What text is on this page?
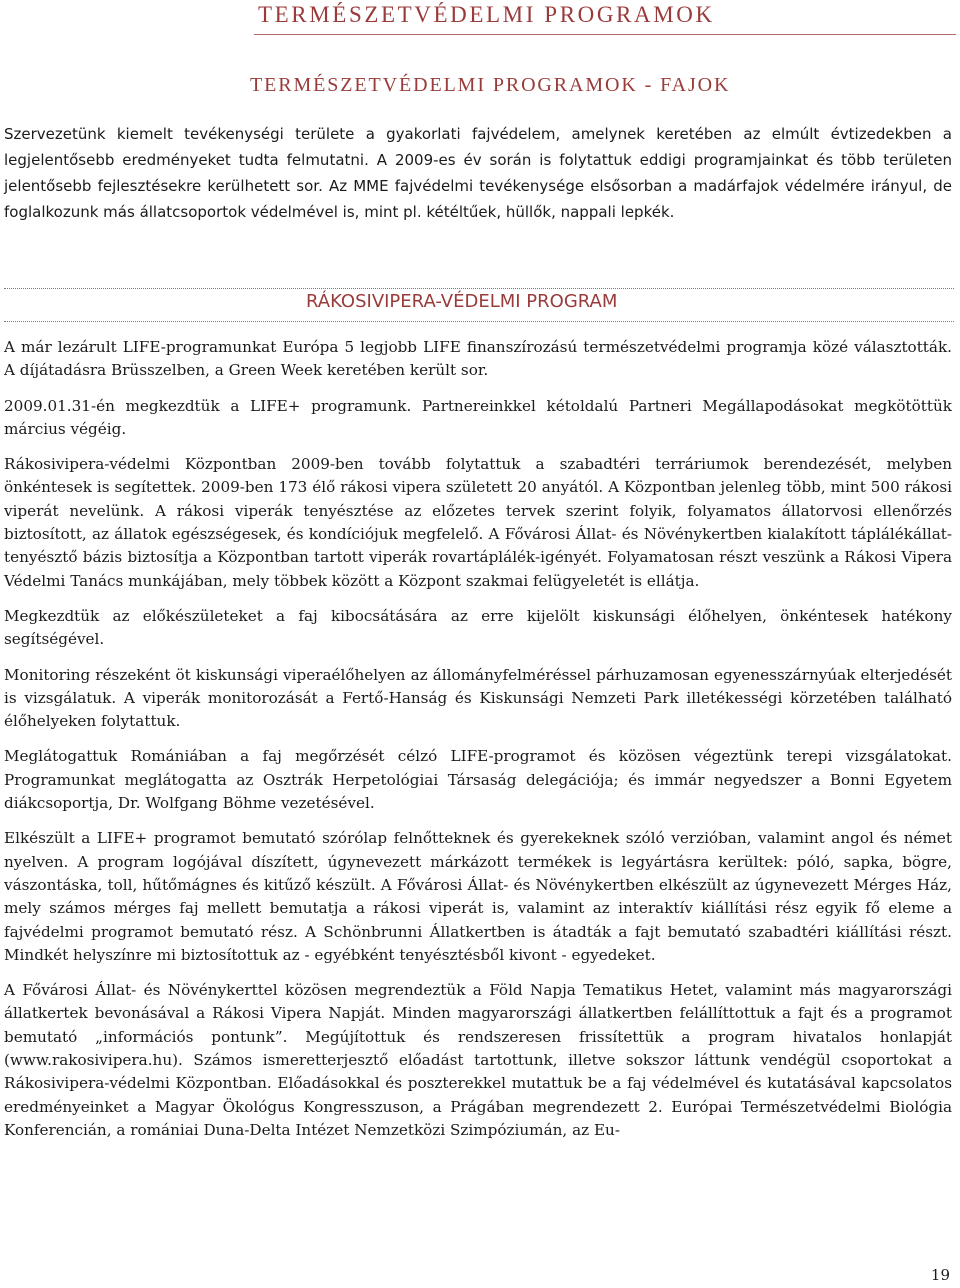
TERMÉSZETVÉDELMI PROGRAMOK
TERMÉSZETVÉDELMI PROGRAMOK - FAJOK

Szervezetünk kiemelt tevékenységi területe a gyakorlati fajvédelem, amelynek keretében az elmúlt évtizedekben a legjelentősebb eredményeket tudta felmutatni. A 2009-es év során is folytattuk eddigi programjainkat és több területen jelentősebb fejlesztésekre kerülhetett sor. Az MME fajvédelmi tevékenysége elsősorban a madárfajok védelmére irányul, de foglalkozunk más állatcsoportok védelmével is, mint pl. kétéltűek, hüllők, nappali lepkék.

RÁKOSIVIPERA-VÉDELMI PROGRAM

A már lezárult LIFE-programunkat Európa 5 legjobb LIFE finanszírozású természetvédelmi programja közé választották. A díjátadásra Brüsszelben, a Green Week keretében került sor.

2009.01.31-én megkezdtük a LIFE+ programunk. Partnereinkkel kétoldalú Partneri Megállapodásokat megkötöttük március végéig.

Rákosivipera-védelmi Központban 2009-ben tovább folytattuk a szabadtéri terráriumok berendezését, melyben önkéntesek is segítettek. 2009-ben 173 élő rákosi vipera született 20 anyától. A Központban jelenleg több, mint 500 rákosi viperát nevelünk. A rákosi viperák tenyésztése az előzetes tervek szerint folyik, folyamatos állatorvosi ellenőrzés biztosított, az állatok egészségesek, és kondíciójuk megfelelő. A Fővárosi Állat- és Növénykertben kialakított táplálékállat-tenyésztő bázis biztosítja a Központban tartott viperák rovartáplálék-igényét. Folyamatosan részt veszünk a Rákosi Vipera Védelmi Tanács munkájában, mely többek között a Központ szakmai felügyeletét is ellátja.

Megkezdtük az előkészületeket a faj kibocsátására az erre kijelölt kiskunsági élőhelyen, önkéntesek hatékony segítségével.

Monitoring részeként öt kiskunsági viperaélőhelyen az állományfelméréssel párhuzamosan egyenesszárnyúak elterjedését is vizsgálatuk. A viperák monitorozását a Fertő-Hanság és Kiskunsági Nemzeti Park illetékességi körzetében található élőhelyeken folytattuk.

Meglátogattuk Romániában a faj megőrzését célzó LIFE-programot és közösen végeztünk terepi vizsgálatokat. Programunkat meglátogatta az Osztrák Herpetológiai Társaság delegációja; és immár negyedszer a Bonni Egyetem diákcsoportja, Dr. Wolfgang Böhme vezetésével.

Elkészült a LIFE+ programot bemutató szórólap felnőtteknek és gyerekeknek szóló verzióban, valamint angol és német nyelven. A program logójával díszített, úgynevezett márkázott termékek is legyártásra kerültek: póló, sapka, bögre, vászontáska, toll, hűtőmágnes és kitűző készült. A Fővárosi Állat- és Növénykertben elkészült az úgynevezett Mérges Ház, mely számos mérges faj mellett bemutatja a rákosi viperát is, valamint az interaktív kiállítási rész egyik fő eleme a fajvédelmi programot bemutató rész. A Schönbrunni Állatkertben is átadták a fajt bemutató szabadtéri kiállítási részt. Mindkét helyszínre mi biztosítottuk az - egyébként tenyésztésből kivont - egyedeket.

A Fővárosi Állat- és Növénykerttel közösen megrendeztük a Föld Napja Tematikus Hetet, valamint más magyarországi állatkertek bevonásával a Rákosi Vipera Napját. Minden magyarországi állatkertben felállíttottuk a fajt és a programot bemutató „információs pontunk”. Megújítottuk és rendszeresen frissítettük a program hivatalos honlapját (www.rakosivipera.hu). Számos ismeretterjesztő előadást tartottunk, illetve sokszor láttunk vendégül csoportokat a Rákosivipera-védelmi Központban. Előadásokkal és poszterekkel mutattuk be a faj védelmével és kutatásával kapcsolatos eredményeinket a Magyar Ökológus Kongresszuson, a Prágában megrendezett 2. Európai Természetvédelmi Biológia Konferencián, a romániai Duna-Delta Intézet Nemzetközi Szimpóziumán, az Eu-

19
